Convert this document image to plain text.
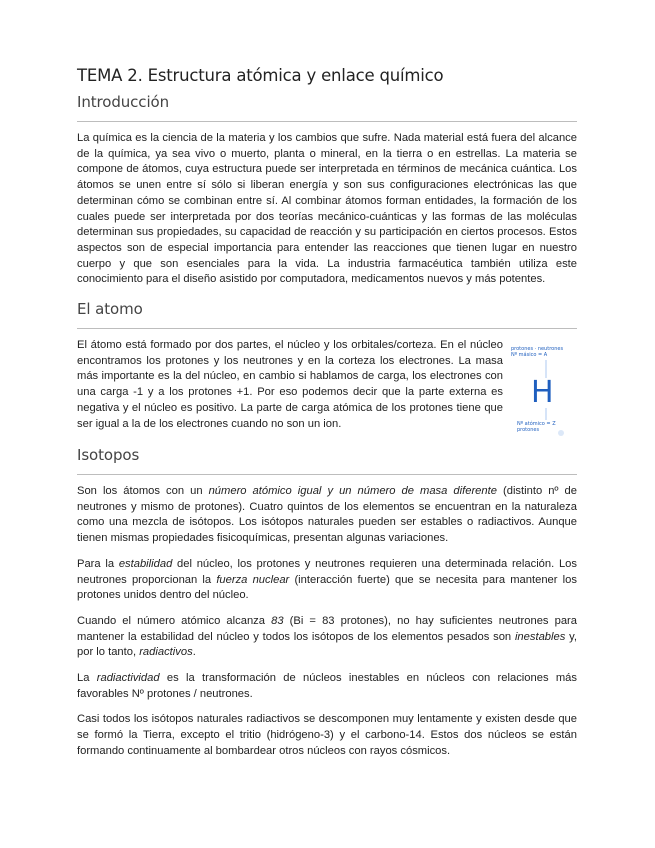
TEMA 2. Estructura atómica y enlace químico
Introducción

La química es la ciencia de la materia y los cambios que sufre. Nada material está fuera del alcance de la química, ya sea vivo o muerto, planta o mineral, en la tierra o en estrellas. La materia se compone de átomos, cuya estructura puede ser interpretada en términos de mecánica cuántica. Los átomos se unen entre sí sólo si liberan energía y son sus configuraciones electrónicas las que determinan cómo se combinan entre sí. Al combinar átomos forman entidades, la formación de los cuales puede ser interpretada por dos teorías mecánico-cuánticas y las formas de las moléculas determinan sus propiedades, su capacidad de reacción y su participación en ciertos procesos. Estos aspectos son de especial importancia para entender las reacciones que tienen lugar en nuestro cuerpo y que son esenciales para la vida. La industria farmacéutica también utiliza este conocimiento para el diseño asistido por computadora, medicamentos nuevos y más potentes.

El atomo

El átomo está formado por dos partes, el núcleo y los orbitales/corteza. En el núcleo encontramos los protones y los neutrones y en la corteza los electrones. La masa más importante es la del núcleo, en cambio si hablamos de carga, los electrones con una carga -1 y a los protones +1. Por eso podemos decir que la parte externa es negativa y el núcleo es positivo. La parte de carga atómica de los protones tiene que ser igual a la de los electrones cuando no son un ion.

protones · neutrones
Nº másico = A
H
Nº atómico = Z
protones
Isotopos

Son los átomos con un número atómico igual y un número de masa diferente (distinto nº de neutrones y mismo de protones). Cuatro quintos de los elementos se encuentran en la naturaleza como una mezcla de isótopos. Los isótopos naturales pueden ser estables o radiactivos. Aunque tienen mismas propiedades fisicoquímicas, presentan algunas variaciones.

Para la estabilidad del núcleo, los protones y neutrones requieren una determinada relación. Los neutrones proporcionan la fuerza nuclear (interacción fuerte) que se necesita para mantener los protones unidos dentro del núcleo.

Cuando el número atómico alcanza 83 (Bi = 83 protones), no hay suficientes neutrones para mantener la estabilidad del núcleo y todos los isótopos de los elementos pesados son inestables y, por lo tanto, radiactivos.

La radiactividad es la transformación de núcleos inestables en núcleos con relaciones más favorables Nº protones / neutrones.

Casi todos los isótopos naturales radiactivos se descomponen muy lentamente y existen desde que se formó la Tierra, excepto el tritio (hidrógeno-3) y el carbono-14. Estos dos núcleos se están formando continuamente al bombardear otros núcleos con rayos cósmicos.
